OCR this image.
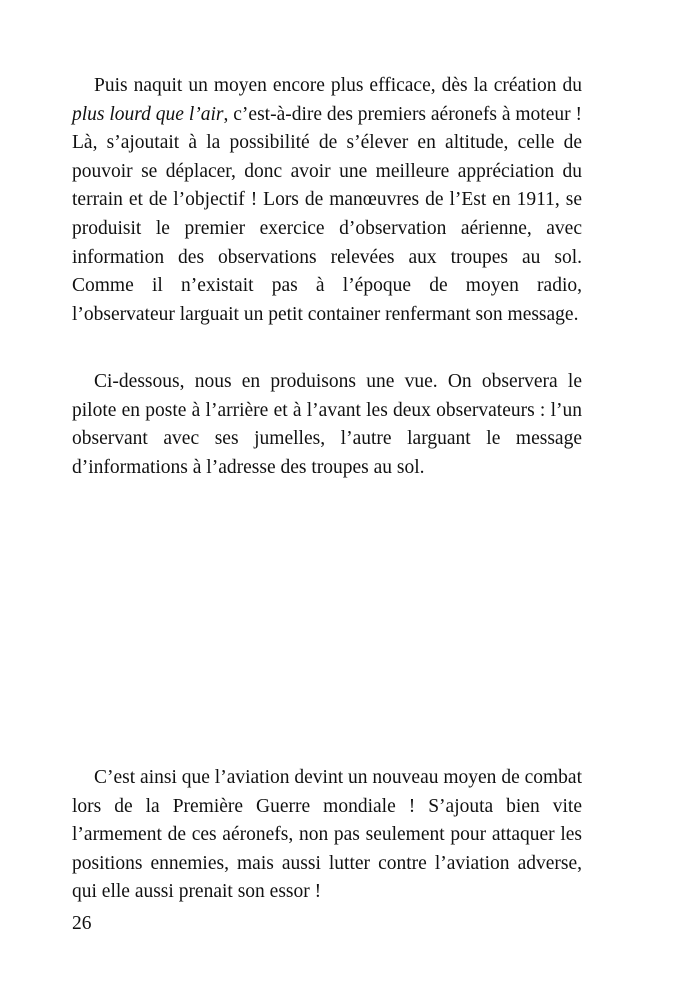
Puis naquit un moyen encore plus efficace, dès la création du plus lourd que l’air, c’est-à-dire des premiers aéronefs à moteur ! Là, s’ajoutait à la possibilité de s’élever en altitude, celle de pouvoir se déplacer, donc avoir une meilleure appréciation du terrain et de l’objectif ! Lors de manœuvres de l’Est en 1911, se produisit le premier exercice d’observation aérienne, avec information des observations relevées aux troupes au sol. Comme il n’existait pas à l’époque de moyen radio, l’observateur larguait un petit container renfermant son message.

Ci-dessous, nous en produisons une vue. On observera le pilote en poste à l’arrière et à l’avant les deux observateurs : l’un observant avec ses jumelles, l’autre larguant le message d’informations à l’adresse des troupes au sol.

C’est ainsi que l’aviation devint un nouveau moyen de combat lors de la Première Guerre mondiale ! S’ajouta bien vite l’armement de ces aéronefs, non pas seulement pour attaquer les positions ennemies, mais aussi lutter contre l’aviation adverse, qui elle aussi prenait son essor !

26
